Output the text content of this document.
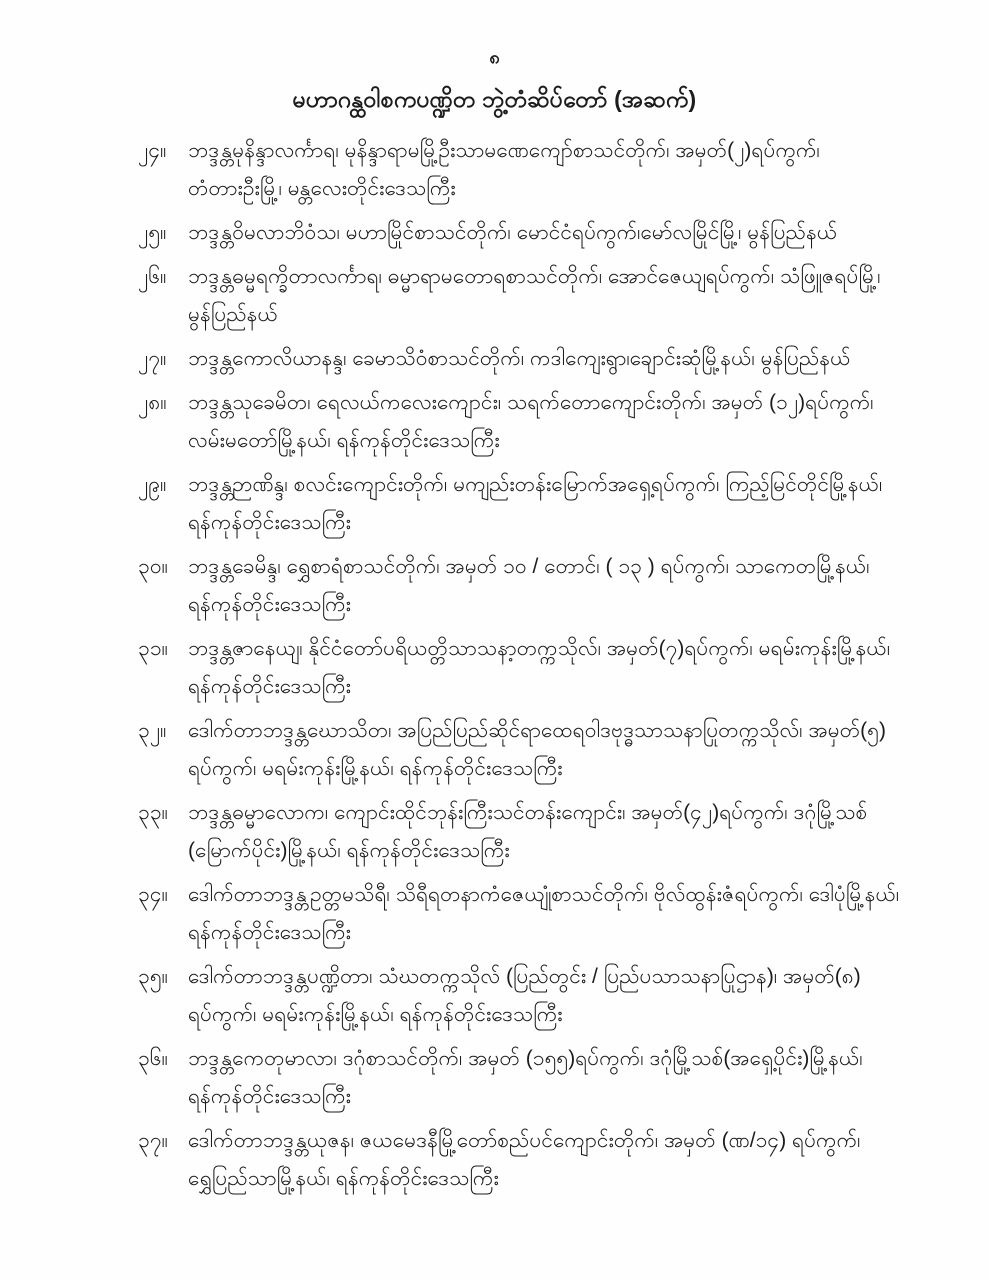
၈
မဟာဂန္ထဝါစကပဏ္ဍိတ ဘွဲ့တံဆိပ်တော် (အဆက်)
၂၄။	ဘဒ္ဒန္တမုနိန္ဒာလင်္ကာရ၊ မုနိန္ဒာရာမမြို့ဦးသာမဏေကျော်စာသင်တိုက်၊ အမှတ်(၂)ရပ်ကွက်၊
တံတားဦးမြို့၊ မန္တလေးတိုင်းဒေသကြီး
၂၅။	ဘဒ္ဒန္တဝိမလာဘိဝံသ၊ မဟာမြိုင်စာသင်တိုက်၊ မောင်ငံရပ်ကွက်၊မော်လမြိုင်မြို့၊ မွန်ပြည်နယ်
၂၆။	ဘဒ္ဒန္တဓမ္မရက္ခိတာလင်္ကာရ၊ ဓမ္မာရာမတောရစာသင်တိုက်၊ အောင်ဇေယျရပ်ကွက်၊ သံဖြူဇရပ်မြို့၊
မွန်ပြည်နယ်
၂၇။	ဘဒ္ဒန္တကောလိယာနန္ဒ၊ ခေမာသိဝံစာသင်တိုက်၊ ကဒါကျေးရွာ၊ချောင်းဆုံမြို့နယ်၊ မွန်ပြည်နယ်
၂၈။	ဘဒ္ဒန္တသုခေမိတ၊ ရေလယ်ကလေးကျောင်း၊ သရက်တောကျောင်းတိုက်၊ အမှတ် (၁၂)ရပ်ကွက်၊
လမ်းမတော်မြို့နယ်၊ ရန်ကုန်တိုင်းဒေသကြီး
၂၉။	ဘဒ္ဒန္တဉာဏိန္ဒ၊ စလင်းကျောင်းတိုက်၊ မကျည်းတန်းမြောက်အရှေ့ရပ်ကွက်၊ ကြည့်မြင်တိုင်မြို့နယ်၊
ရန်ကုန်တိုင်းဒေသကြီး
၃၀။ ဘဒ္ဒန္တခေမိန္ဒ၊ ရွှေစာရံစာသင်တိုက်၊ အမှတ် ၁၀ / တောင်၊ ( ၁၃ ) ရပ်ကွက်၊ သာကေတမြို့နယ်၊
ရန်ကုန်တိုင်းဒေသကြီး
၃၁။ ဘဒ္ဒန္တဇာနေယျ၊ နိုင်ငံတော်ပရိယတ္တိသာသနာ့တက္ကသိုလ်၊ အမှတ်(၇)ရပ်ကွက်၊ မရမ်းကုန်းမြို့နယ်၊
ရန်ကုန်တိုင်းဒေသကြီး
၃၂။	ဒေါက်တာဘဒ္ဒန္တဃောသိတ၊ အပြည်ပြည်ဆိုင်ရာထေရဝါဒဗုဒ္ဓသာသနာပြုတက္ကသိုလ်၊ အမှတ်(၅)
ရပ်ကွက်၊ မရမ်းကုန်းမြို့နယ်၊ ရန်ကုန်တိုင်းဒေသကြီး
၃၃။ ဘဒ္ဒန္တဓမ္မာလောက၊ ကျောင်းထိုင်ဘုန်းကြီးသင်တန်းကျောင်း၊ အမှတ်(၄၂)ရပ်ကွက်၊ ဒဂုံမြို့သစ်
(မြောက်ပိုင်း)မြို့နယ်၊ ရန်ကုန်တိုင်းဒေသကြီး
၃၄။ ဒေါက်တာဘဒ္ဒန္တဥတ္တမသိရီ၊ သိရီရတနာကံဇေယျုံစာသင်တိုက်၊ ဗိုလ်ထွန်းဇံရပ်ကွက်၊ ဒေါပုံမြို့နယ်၊
ရန်ကုန်တိုင်းဒေသကြီး
၃၅။ ဒေါက်တာဘဒ္ဒန္တပဏ္ဍိတာ၊ သံဃတက္ကသိုလ် (ပြည်တွင်း / ပြည်ပသာသနာပြုဌာန)၊ အမှတ်(၈)
ရပ်ကွက်၊ မရမ်းကုန်းမြို့နယ်၊ ရန်ကုန်တိုင်းဒေသကြီး
၃၆။ ဘဒ္ဒန္တကေတုမာလာ၊ ဒဂုံစာသင်တိုက်၊ အမှတ် (၁၅၅)ရပ်ကွက်၊ ဒဂုံမြို့သစ်(အရှေ့ပိုင်း)မြို့နယ်၊
ရန်ကုန်တိုင်းဒေသကြီး
၃၇။ ဒေါက်တာဘဒ္ဒန္တယုဇန၊ ဇယမေဒနီမြို့တော်စည်ပင်ကျောင်းတိုက်၊ အမှတ် (ဏ/၁၄) ရပ်ကွက်၊
ရွှေပြည်သာမြို့နယ်၊ ရန်ကုန်တိုင်းဒေသကြီး
